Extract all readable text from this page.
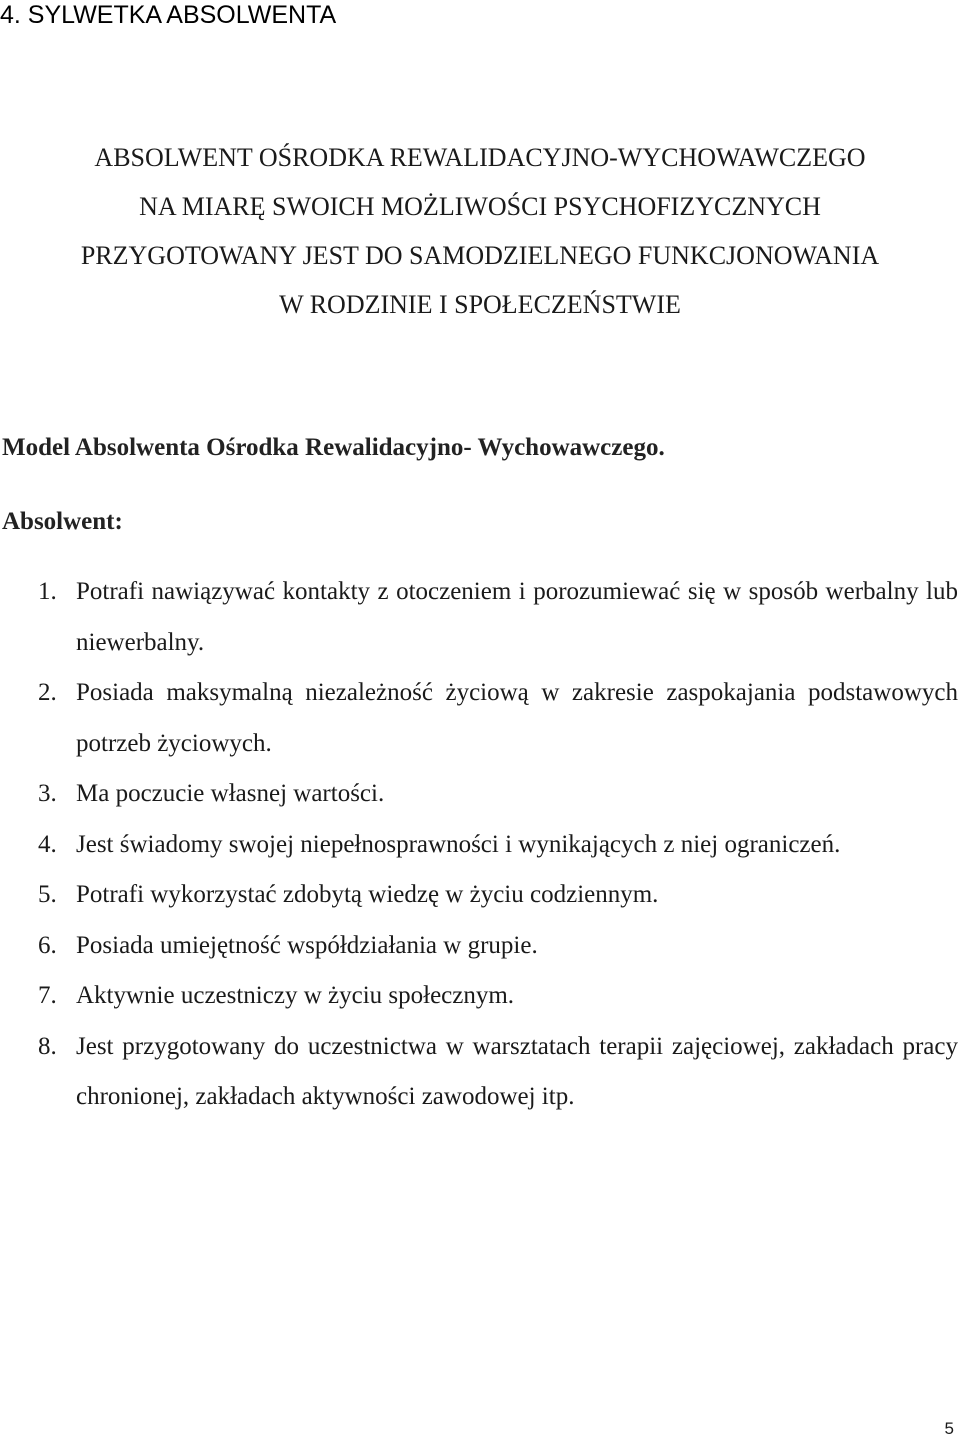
4. SYLWETKA ABSOLWENTA
ABSOLWENT OŚRODKA REWALIDACYJNO-WYCHOWAWCZEGO
NA MIARĘ SWOICH MOŻLIWOŚCI PSYCHOFIZYCZNYCH
PRZYGOTOWANY JEST DO SAMODZIELNEGO FUNKCJONOWANIA
W RODZINIE I SPOŁECZEŃSTWIE
Model Absolwenta Ośrodka Rewalidacyjno- Wychowawczego.
Absolwent:
1. Potrafi nawiązywać kontakty z otoczeniem i porozumiewać się w sposób werbalny lub niewerbalny.
2. Posiada maksymalną niezależność życiową w zakresie zaspokajania podstawowych potrzeb życiowych.
3. Ma poczucie własnej wartości.
4. Jest świadomy swojej niepełnosprawności i wynikających z niej ograniczeń.
5. Potrafi wykorzystać zdobytą wiedzę w życiu codziennym.
6. Posiada umiejętność współdziałania w grupie.
7. Aktywnie uczestniczy w życiu społecznym.
8. Jest przygotowany do uczestnictwa w warsztatach terapii zajęciowej, zakładach pracy chronionej, zakładach aktywności zawodowej itp.
5
